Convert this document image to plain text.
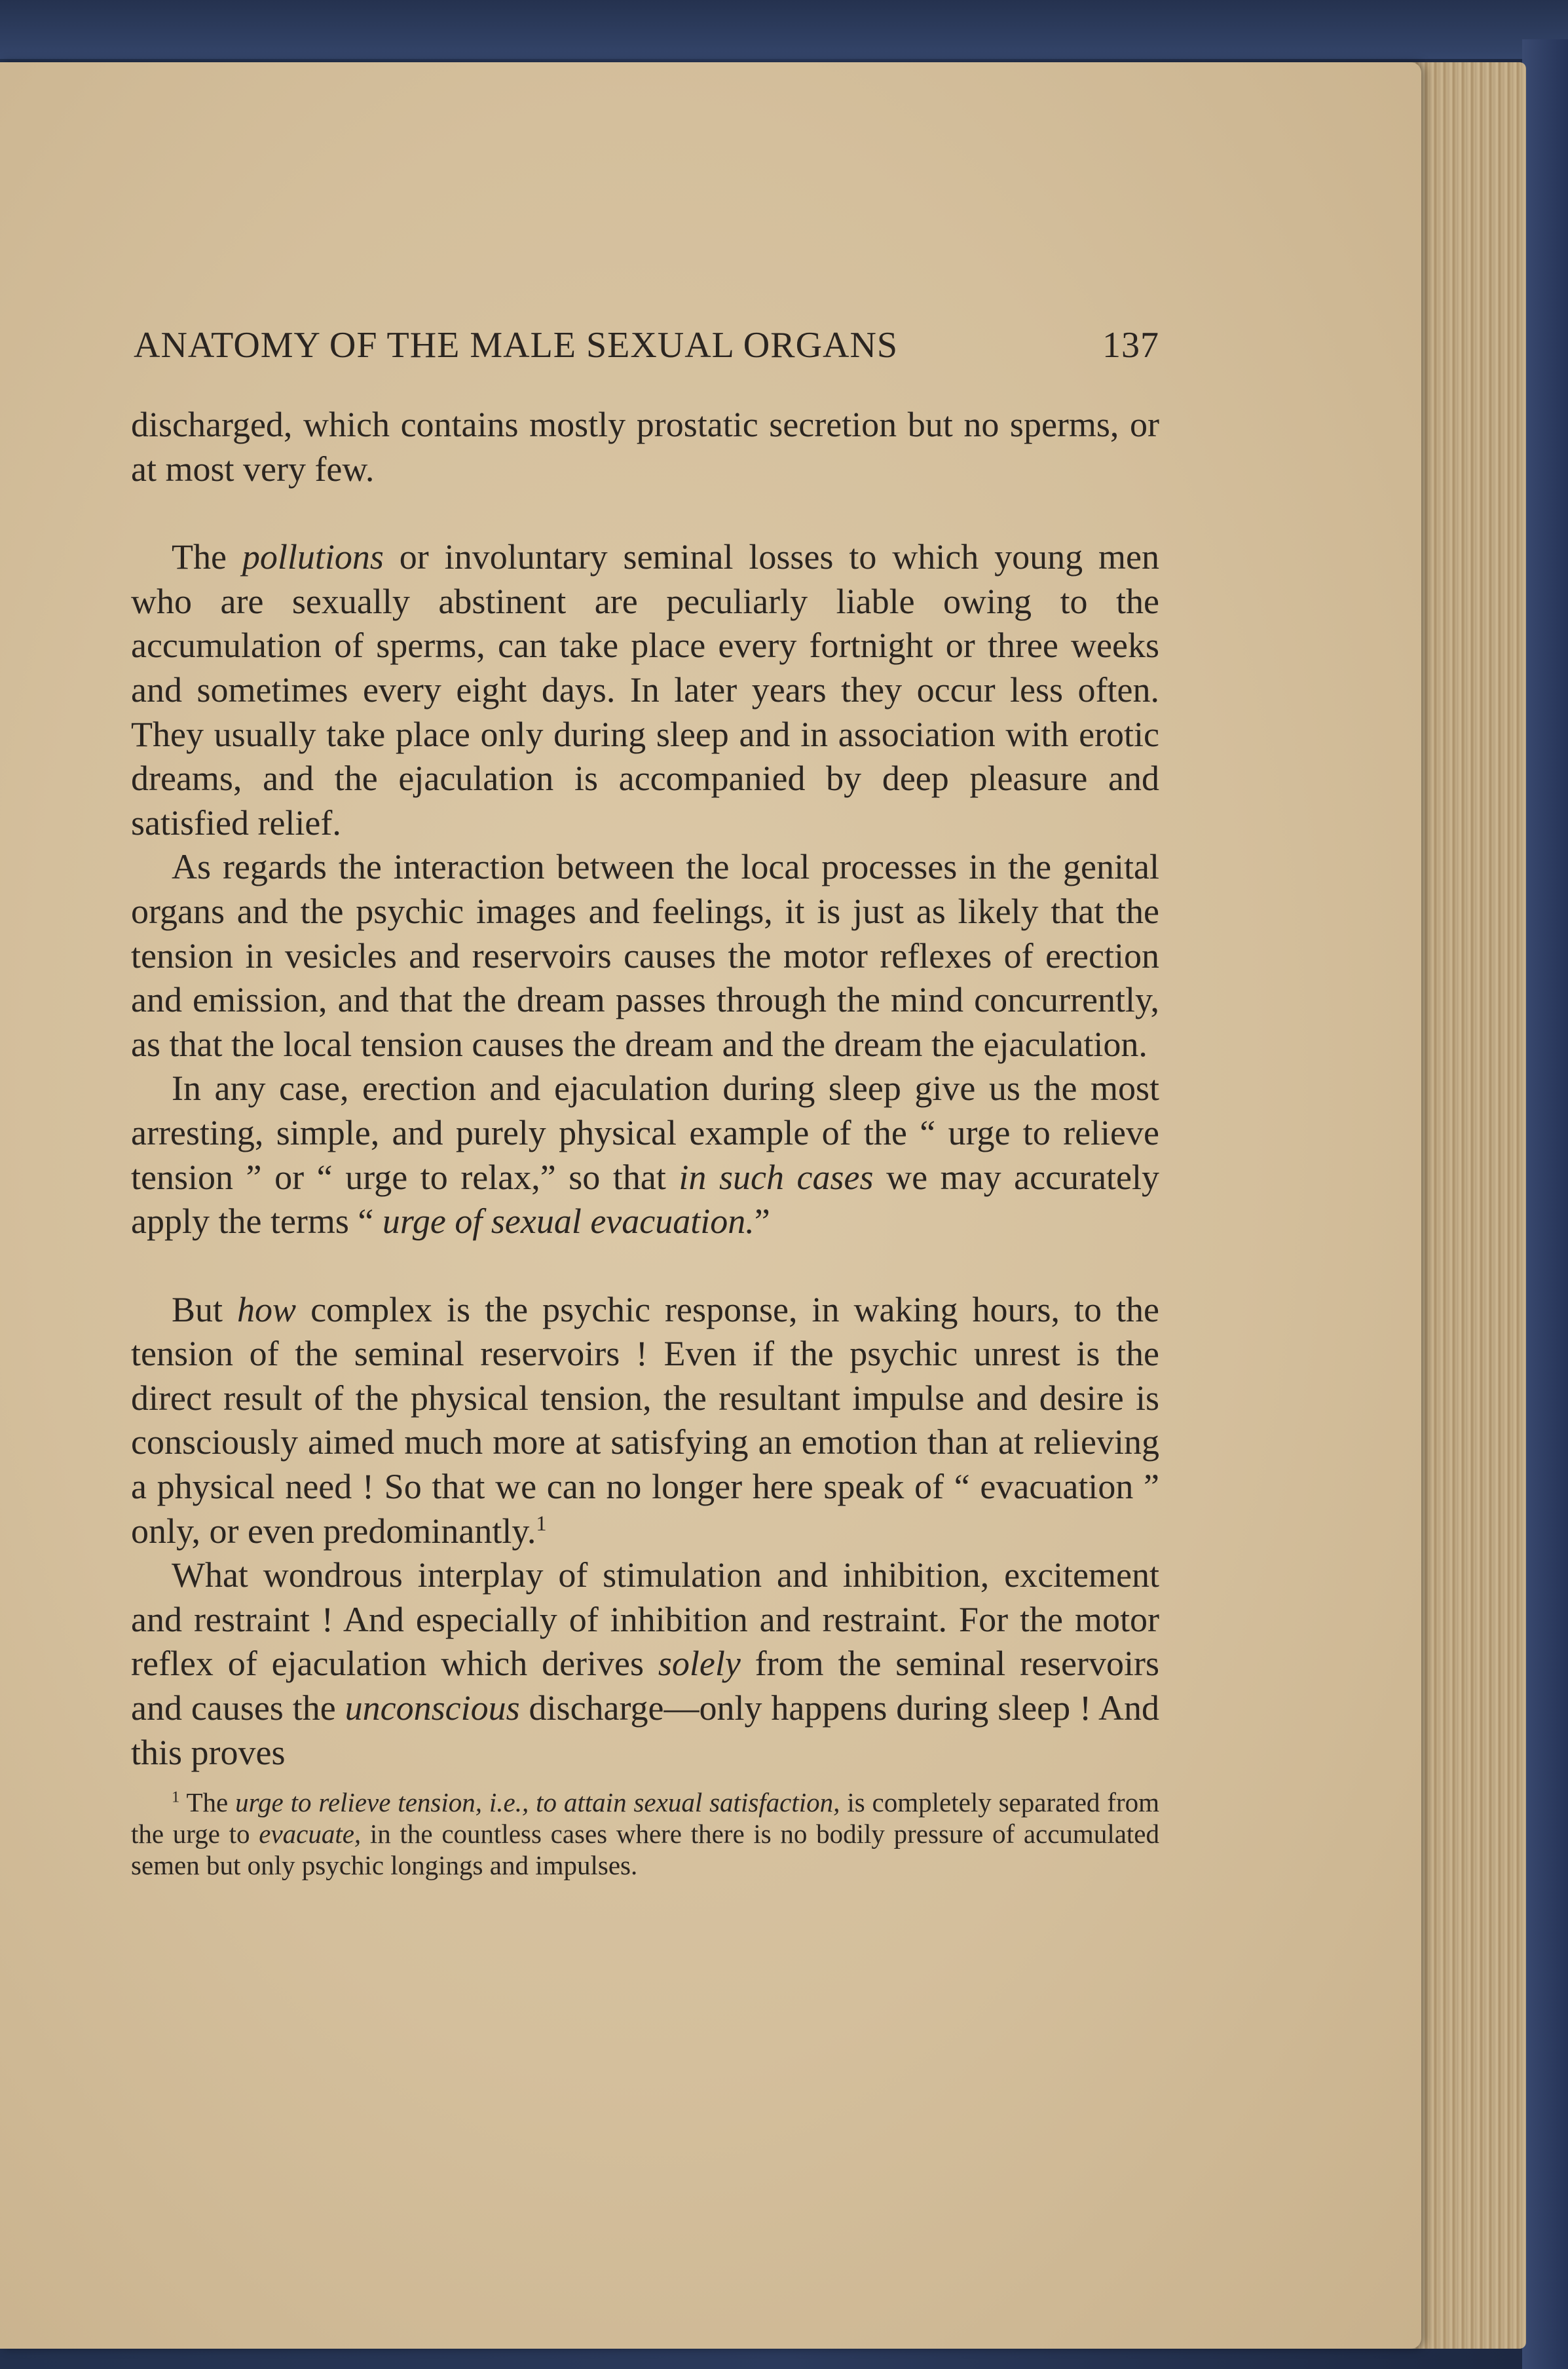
ANATOMY OF THE MALE SEXUAL ORGANS	137

discharged, which contains mostly prostatic secretion but no sperms, or at most very few.

The pollutions or involuntary seminal losses to which young men who are sexually abstinent are peculiarly liable owing to the accumulation of sperms, can take place every fortnight or three weeks and sometimes every eight days. In later years they occur less often. They usually take place only during sleep and in association with erotic dreams, and the ejaculation is accompanied by deep pleasure and satisfied relief.

As regards the interaction between the local processes in the genital organs and the psychic images and feelings, it is just as likely that the tension in vesicles and reservoirs causes the motor reflexes of erection and emission, and that the dream passes through the mind concurrently, as that the local tension causes the dream and the dream the ejaculation.

In any case, erection and ejaculation during sleep give us the most arresting, simple, and purely physical example of the “ urge to relieve tension ” or “ urge to relax,” so that in such cases we may accurately apply the terms “ urge of sexual evacuation.”

But how complex is the psychic response, in waking hours, to the tension of the seminal reservoirs ! Even if the psychic unrest is the direct result of the physical tension, the resultant impulse and desire is consciously aimed much more at satisfying an emotion than at relieving a physical need ! So that we can no longer here speak of “ evacuation ” only, or even predominantly.$^1$

What wondrous interplay of stimulation and inhibition, excitement and restraint ! And especially of inhibition and restraint. For the motor reflex of ejaculation which derives solely from the seminal reservoirs and causes the unconscious discharge—only happens during sleep ! And this proves

$^1$ The urge to relieve tension, i.e., to attain sexual satisfaction, is completely separated from the urge to evacuate, in the countless cases where there is no bodily pressure of accumulated semen but only psychic longings and impulses.
